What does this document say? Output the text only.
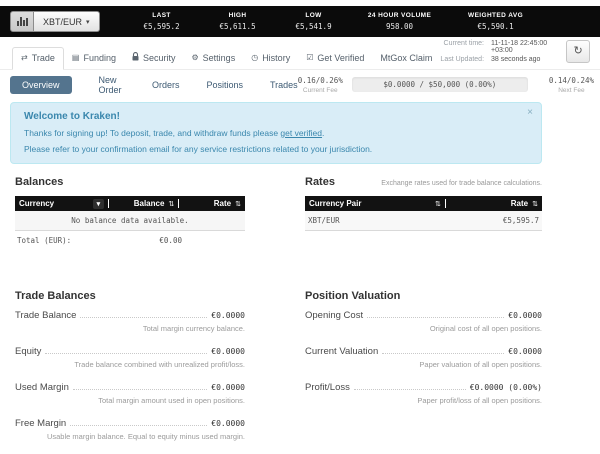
XBT/EUR ▾
LAST
€5,595.2
HIGH
€5,611.5
LOW
€5,541.9
24 HOUR VOLUME
958.00
WEIGHTED AVG
€5,590.1
⇄ Trade ▤ Funding	Security ⚙ Settings ◷ History ☑ Get Verified MtGox Claim
Current time: 11-11-18 22:45:00 +03:00
Last Updated: 38 seconds ago
↻
Overview	New Order	Orders	Positions	Trades 0.16/0.26%
Current Fee
$0.0000 / $50,000 (0.00%)	0.14/0.24%
Next Fee
×
Welcome to Kraken!

Thanks for signing up! To deposit, trade, and withdraw funds please get verified.

Please refer to your confirmation email for any service restrictions related to your jurisdiction.

Balances
Currency	▾	Balance ⇅	Rate ⇅
No balance data available.
Total (EUR):	€0.00
Rates	Exchange rates used for trade balance calculations.
Currency Pair	⇅	Rate ⇅
XBT/EUR	€5,595.7
Trade Balances
Trade Balance	€0.0000
Total margin currency balance.
Equity	€0.0000
Trade balance combined with unrealized profit/loss.
Used Margin	€0.0000
Total margin amount used in open positions.
Free Margin	€0.0000
Usable margin balance. Equal to equity minus used margin.
Position Valuation
Opening Cost	€0.0000
Original cost of all open positions.
Current Valuation	€0.0000
Paper valuation of all open positions.
Profit/Loss	€0.0000 (0.00%)
Paper profit/loss of all open positions.
